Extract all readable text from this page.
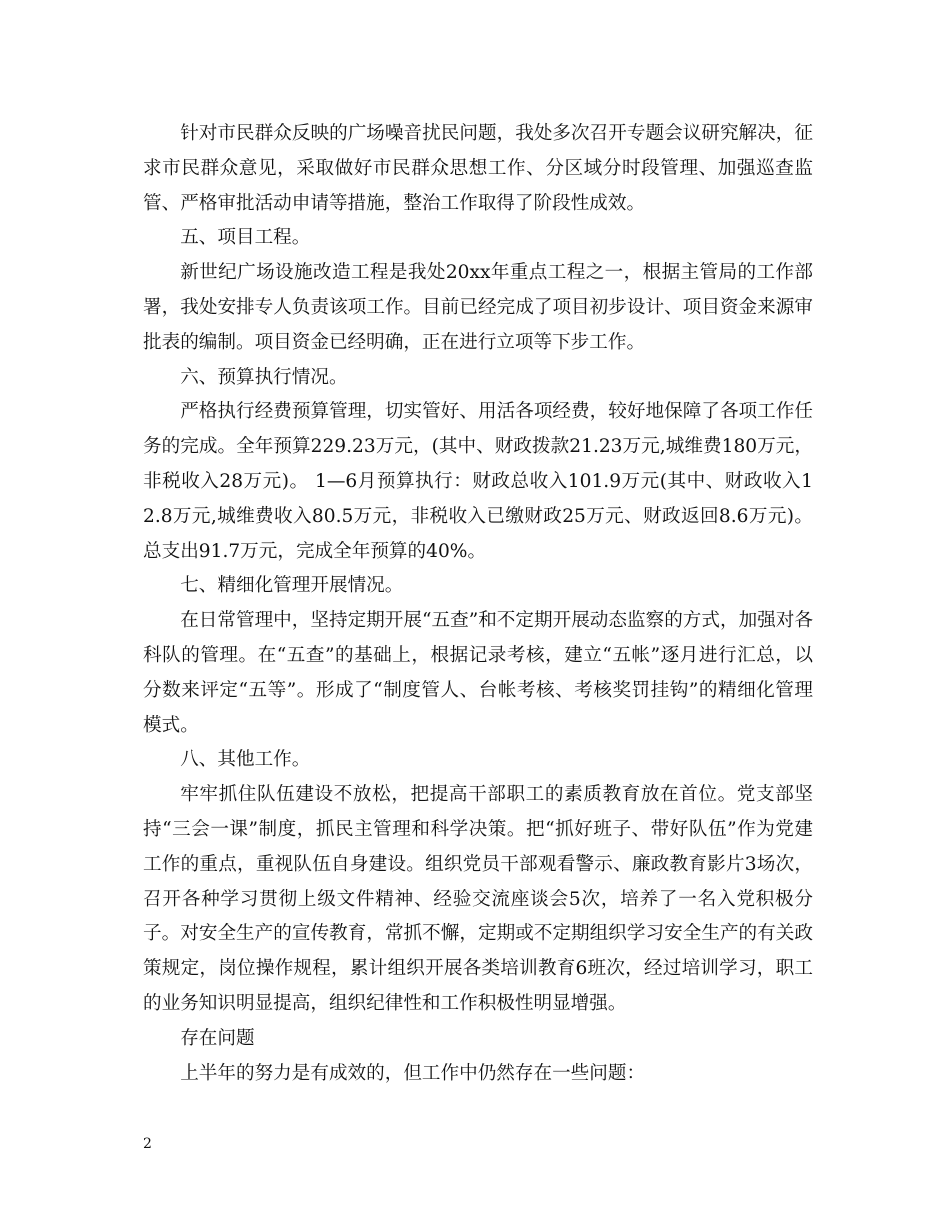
针对市民群众反映的广场噪音扰民问题，我处多次召开专题会议研究解决，征求市民群众意见，采取做好市民群众思想工作、分区域分时段管理、加强巡查监管、严格审批活动申请等措施，整治工作取得了阶段性成效。

五、项目工程。

新世纪广场设施改造工程是我处20xx年重点工程之一，根据主管局的工作部署，我处安排专人负责该项工作。目前已经完成了项目初步设计、项目资金来源审批表的编制。项目资金已经明确，正在进行立项等下步工作。

六、预算执行情况。

严格执行经费预算管理，切实管好、用活各项经费，较好地保障了各项工作任务的完成。全年预算229.23万元，(其中、财政拨款21.23万元,城维费180万元，非税收入28万元)。 1—6月预算执行：财政总收入101.9万元(其中、财政收入12.8万元,城维费收入80.5万元，非税收入已缴财政25万元、财政返回8.6万元)。总支出91.7万元，完成全年预算的40%。

七、精细化管理开展情况。

在日常管理中，坚持定期开展“五查”和不定期开展动态监察的方式，加强对各科队的管理。在“五查”的基础上，根据记录考核，建立“五帐”逐月进行汇总，以分数来评定“五等”。形成了“制度管人、台帐考核、考核奖罚挂钩”的精细化管理模式。

八、其他工作。

牢牢抓住队伍建设不放松，把提高干部职工的素质教育放在首位。党支部坚持“三会一课”制度，抓民主管理和科学决策。把“抓好班子、带好队伍”作为党建工作的重点，重视队伍自身建设。组织党员干部观看警示、廉政教育影片3场次，召开各种学习贯彻上级文件精神、经验交流座谈会5次，培养了一名入党积极分子。对安全生产的宣传教育，常抓不懈，定期或不定期组织学习安全生产的有关政策规定，岗位操作规程，累计组织开展各类培训教育6班次，经过培训学习，职工的业务知识明显提高，组织纪律性和工作积极性明显增强。

存在问题

上半年的努力是有成效的，但工作中仍然存在一些问题：

2
